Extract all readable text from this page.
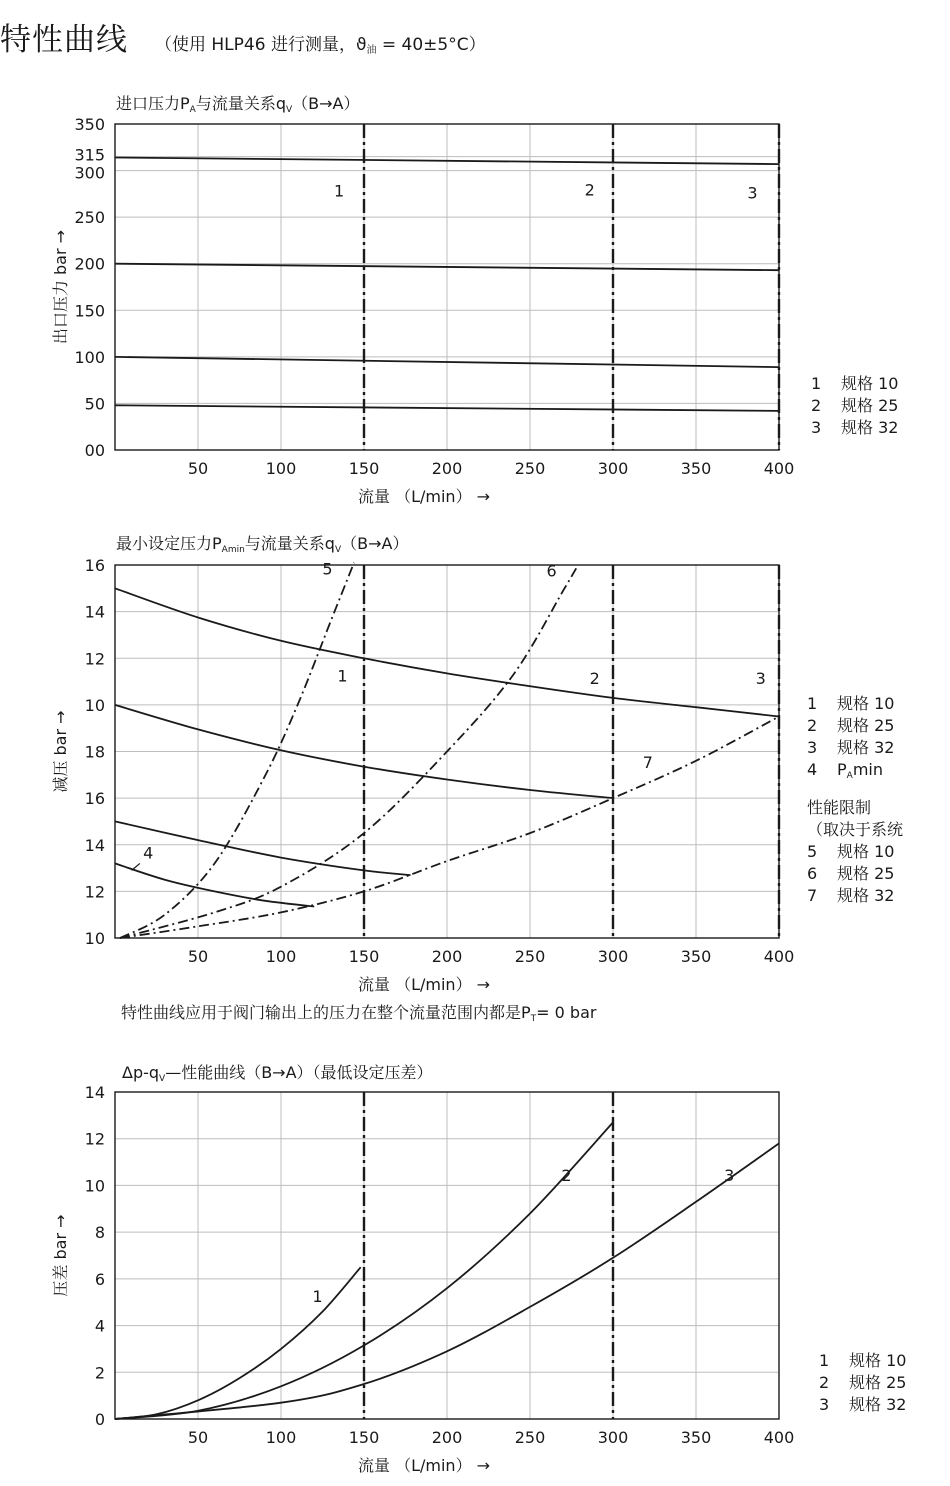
特性曲线 （使用 HLP46 进行测量，$ϑ_油 = 40\pm 5^\circ C$）
进口压力$P_A$与流量关系$q_V(B\to A)$
最小设定压力$P_{Amin}$与流量关系$q_V(B\to A)$
特性曲线应用于阀门输出上的压力在整个流量范围内都是$P_T= 0$ bar
$\Delta p-q_V—$性能曲线（B→A）（最低设定压差）
1	2	3
50	100	150	200	250	300	350	400
00
50
100
150
200
250
300
315
350
流量 （L/min） →
出口压力 bar →
1	2	3
4
5	6
7
50	100	150	200	250	300	350	400
10
12
14
16
18
10
12
14
16
流量 （L/min） →
减压 bar →
1
2	3
50	100	150	200	250	300	350	400
0
2
4
6
8
10
12
14
流量 （L/min） →
压差 bar →
1 规格 10
2 规格 25
3 规格 32
1 规格 10
2 规格 25
3 规格 32
4 $P_A\min$
性能限制
（取决于系统
5 规格 10
6 规格 25
7 规格 32
1 规格 10
2 规格 25
3 规格 32
